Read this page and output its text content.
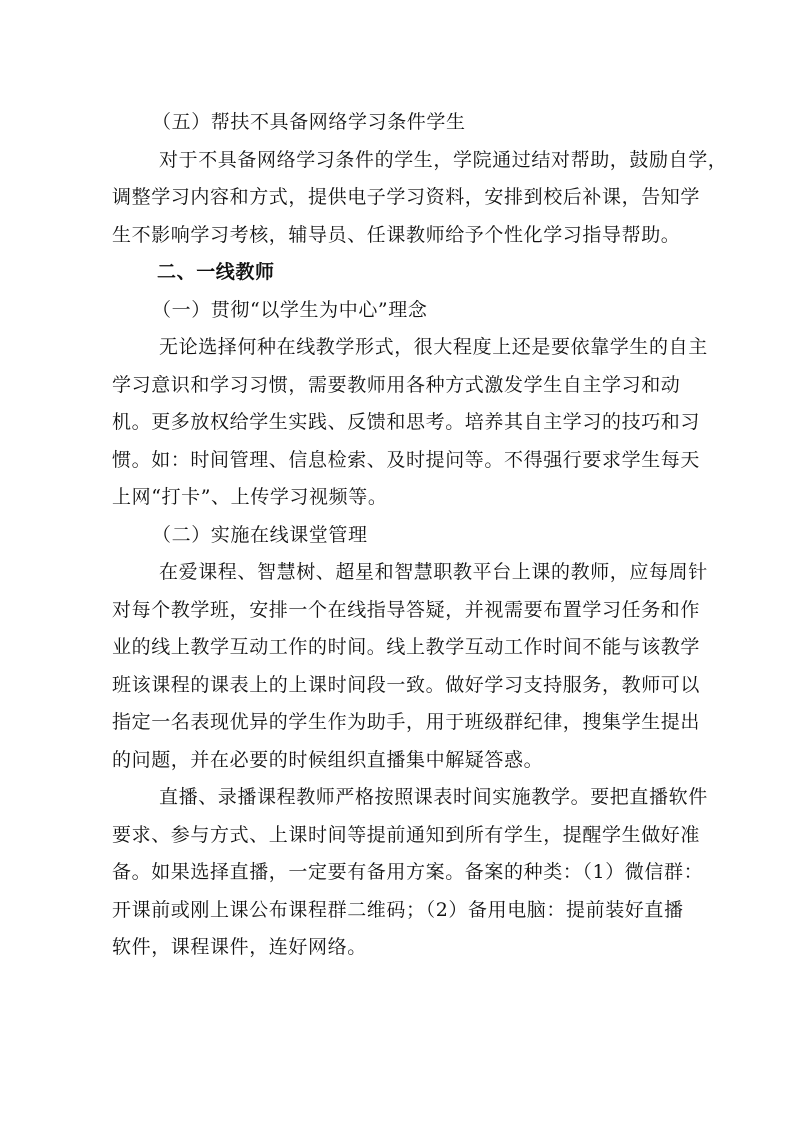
（五）帮扶不具备网络学习条件学生
对于不具备网络学习条件的学生，学院通过结对帮助，鼓励自学，
调整学习内容和方式，提供电子学习资料，安排到校后补课，告知学
生不影响学习考核，辅导员、任课教师给予个性化学习指导帮助。
二、一线教师
（一）贯彻“以学生为中心”理念
无论选择何种在线教学形式，很大程度上还是要依靠学生的自主
学习意识和学习习惯，需要教师用各种方式激发学生自主学习和动
机。更多放权给学生实践、反馈和思考。培养其自主学习的技巧和习
惯。如：时间管理、信息检索、及时提问等。不得强行要求学生每天
上网“打卡”、上传学习视频等。
（二）实施在线课堂管理
在爱课程、智慧树、超星和智慧职教平台上课的教师，应每周针
对每个教学班，安排一个在线指导答疑，并视需要布置学习任务和作
业的线上教学互动工作的时间。线上教学互动工作时间不能与该教学
班该课程的课表上的上课时间段一致。做好学习支持服务，教师可以
指定一名表现优异的学生作为助手，用于班级群纪律，搜集学生提出
的问题，并在必要的时候组织直播集中解疑答惑。
直播、录播课程教师严格按照课表时间实施教学。要把直播软件
要求、参与方式、上课时间等提前通知到所有学生，提醒学生做好准
备。如果选择直播，一定要有备用方案。备案的种类：（1）微信群：
开课前或刚上课公布课程群二维码；（2）备用电脑：提前装好直播
软件，课程课件，连好网络。
